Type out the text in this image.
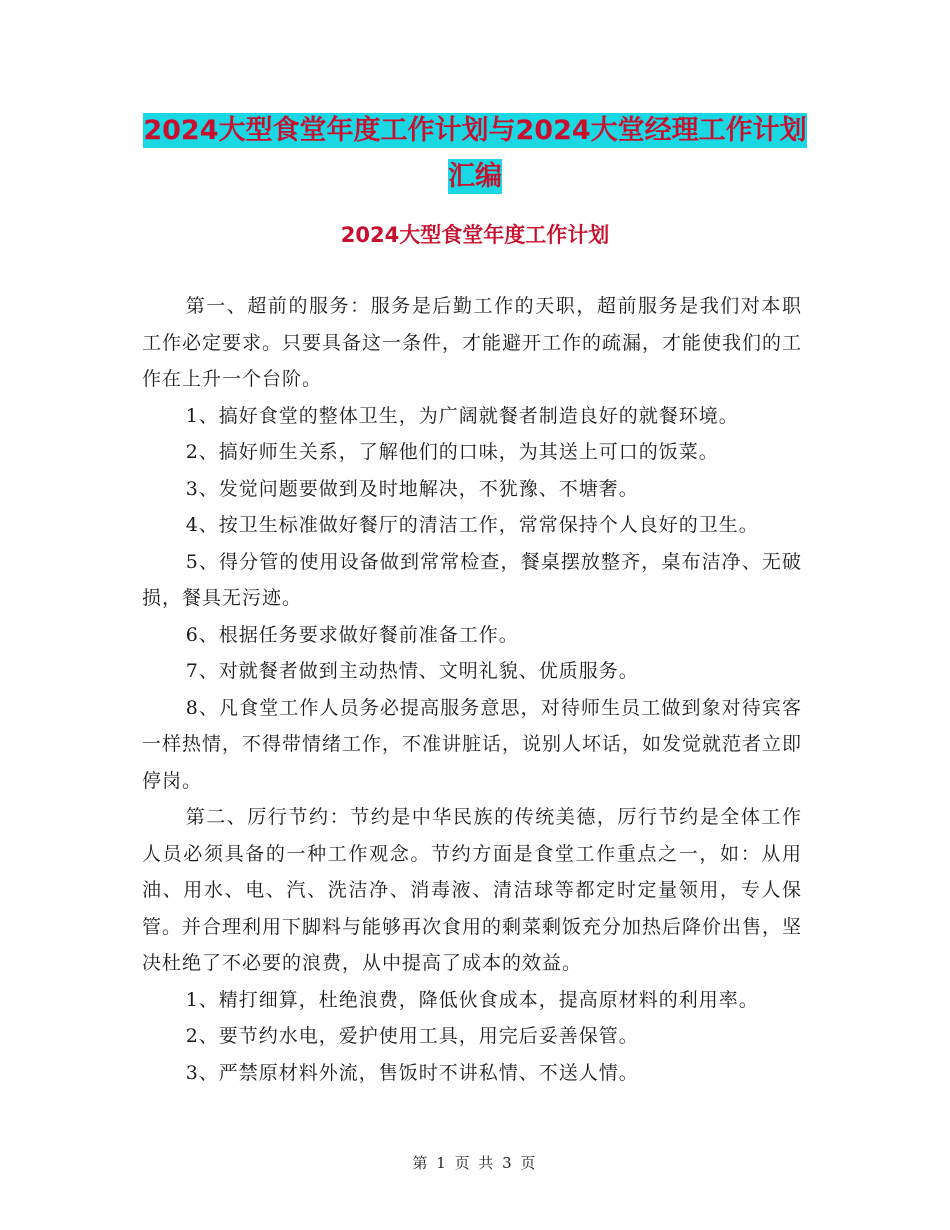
2024大型食堂年度工作计划与2024大堂经理工作计划
汇编
2024大型食堂年度工作计划

第一、超前的服务：服务是后勤工作的天职，超前服务是我们对本职工作必定要求。只要具备这一条件，才能避开工作的疏漏，才能使我们的工作在上升一个台阶。

1、搞好食堂的整体卫生，为广阔就餐者制造良好的就餐环境。

2、搞好师生关系，了解他们的口味，为其送上可口的饭菜。

3、发觉问题要做到及时地解决，不犹豫、不塘奢。

4、按卫生标准做好餐厅的清洁工作，常常保持个人良好的卫生。

5、得分管的使用设备做到常常检查，餐桌摆放整齐，桌布洁净、无破损，餐具无污迹。

6、根据任务要求做好餐前准备工作。

7、对就餐者做到主动热情、文明礼貌、优质服务。

8、凡食堂工作人员务必提高服务意思，对待师生员工做到象对待宾客一样热情，不得带情绪工作，不准讲脏话，说别人坏话，如发觉就范者立即停岗。

第二、厉行节约：节约是中华民族的传统美德，厉行节约是全体工作人员必须具备的一种工作观念。节约方面是食堂工作重点之一，如：从用油、用水、电、汽、洗洁净、消毒液、清洁球等都定时定量领用，专人保管。并合理利用下脚料与能够再次食用的剩菜剩饭充分加热后降价出售，坚决杜绝了不必要的浪费，从中提高了成本的效益。

1、精打细算，杜绝浪费，降低伙食成本，提高原材料的利用率。

2、要节约水电，爱护使用工具，用完后妥善保管。

3、严禁原材料外流，售饭时不讲私情、不送人情。

第 1 页 共 3 页
